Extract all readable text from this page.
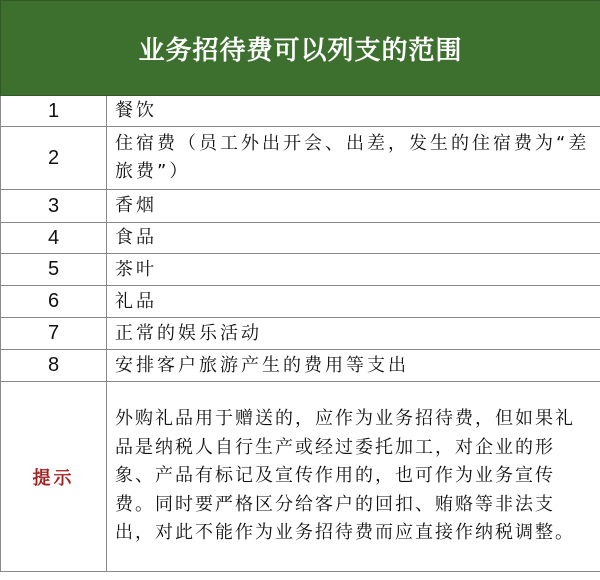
业务招待费可以列支的范围	
1	餐饮
2	住宿费（员工外出开会、出差，发生的住宿费为“差旅费”）
3	香烟
4	食品
5	茶叶
6	礼品
7	正常的娱乐活动
8	安排客户旅游产生的费用等支出
提示	外购礼品用于赠送的，应作为业务招待费，但如果礼品是纳税人自行生产或经过委托加工，对企业的形象、产品有标记及宣传作用的，也可作为业务宣传费。同时要严格区分给客户的回扣、贿赂等非法支出，对此不能作为业务招待费而应直接作纳税调整。
